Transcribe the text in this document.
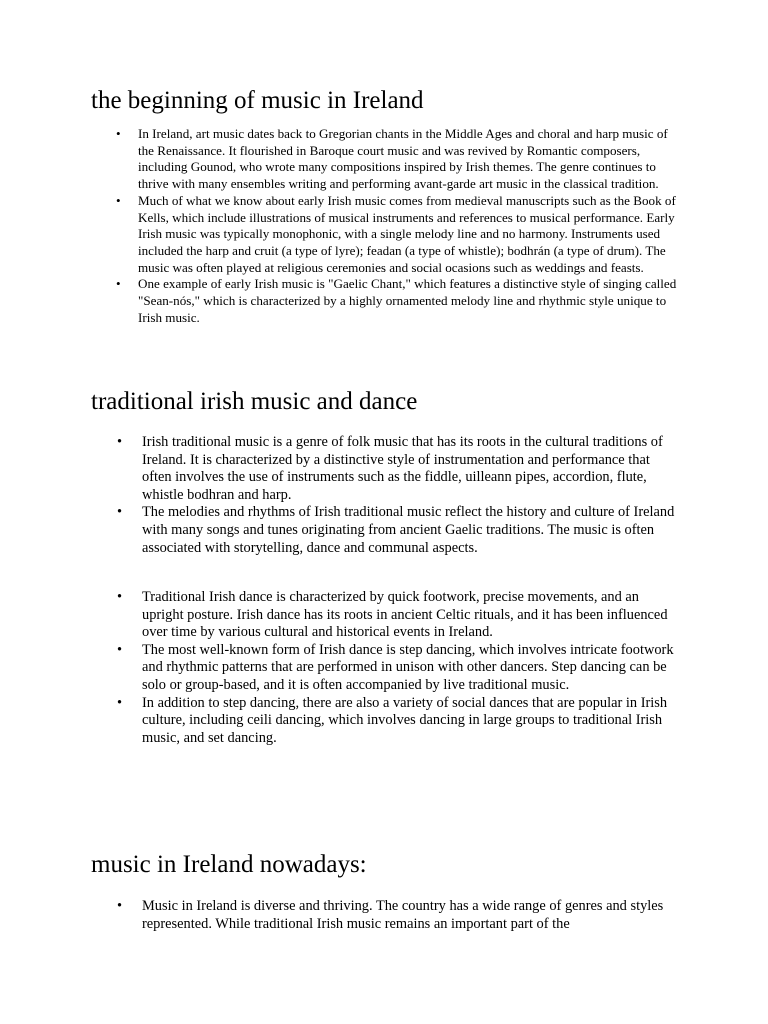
the beginning of music in Ireland
• In Ireland, art music dates back to Gregorian chants in the Middle Ages and choral and harp music of the Renaissance. It flourished in Baroque court music and was revived by Romantic composers, including Gounod, who wrote many compositions inspired by Irish themes. The genre continues to thrive with many ensembles writing and performing avant-garde art music in the classical tradition.
• Much of what we know about early Irish music comes from medieval manuscripts such as the Book of Kells, which include illustrations of musical instruments and references to musical performance. Early Irish music was typically monophonic, with a single melody line and no harmony. Instruments used included the harp and cruit (a type of lyre); feadan (a type of whistle); bodhrán (a type of drum). The music was often played at religious ceremonies and social ocasions such as weddings and feasts.
• One example of early Irish music is "Gaelic Chant," which features a distinctive style of singing called "Sean-nós," which is characterized by a highly ornamented melody line and rhythmic style unique to Irish music.
traditional irish music and dance
• Irish traditional music is a genre of folk music that has its roots in the cultural traditions of Ireland. It is characterized by a distinctive style of instrumentation and performance that often involves the use of instruments such as the fiddle, uilleann pipes, accordion, flute, whistle bodhran and harp.
• The melodies and rhythms of Irish traditional music reflect the history and culture of Ireland with many songs and tunes originating from ancient Gaelic traditions. The music is often associated with storytelling, dance and communal aspects.
• Traditional Irish dance is characterized by quick footwork, precise movements, and an upright posture. Irish dance has its roots in ancient Celtic rituals, and it has been influenced over time by various cultural and historical events in Ireland.
• The most well-known form of Irish dance is step dancing, which involves intricate footwork and rhythmic patterns that are performed in unison with other dancers. Step dancing can be solo or group-based, and it is often accompanied by live traditional music.
• In addition to step dancing, there are also a variety of social dances that are popular in Irish culture, including ceili dancing, which involves dancing in large groups to traditional Irish music, and set dancing.
music in Ireland nowadays:
• Music in Ireland is diverse and thriving. The country has a wide range of genres and styles represented. While traditional Irish music remains an important part of the
